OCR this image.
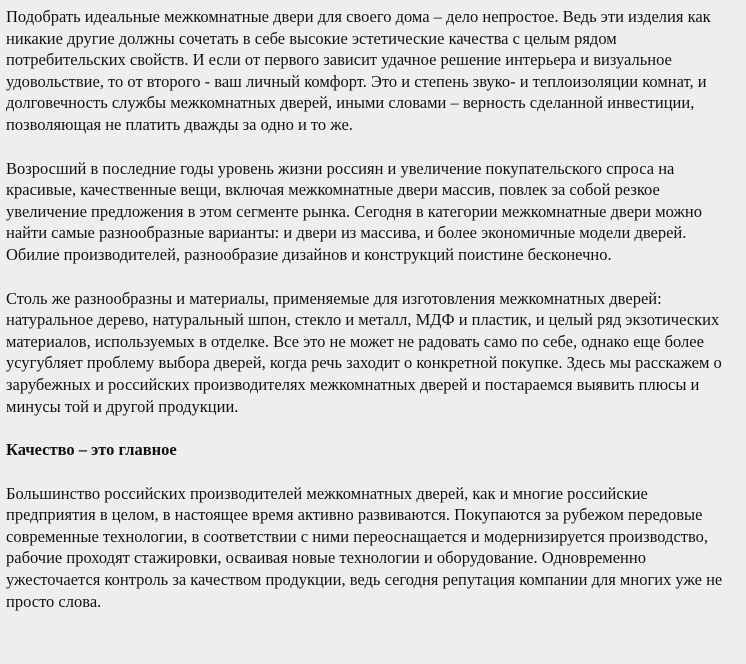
Подобрать идеальные межкомнатные двери для своего дома – дело непростое. Ведь эти изделия как никакие другие должны сочетать в себе высокие эстетические качества с целым рядом потребительских свойств. И если от первого зависит удачное решение интерьера и визуальное удовольствие, то от второго - ваш личный комфорт. Это и степень звуко- и теплоизоляции комнат, и долговечность службы межкомнатных дверей, иными словами – верность сделанной инвестиции, позволяющая не платить дважды за одно и то же.

Возросший в последние годы уровень жизни россиян и увеличение покупательского спроса на красивые, качественные вещи, включая межкомнатные двери массив, повлек за собой резкое увеличение предложения в этом сегменте рынка. Сегодня в категории межкомнатные двери можно найти самые разнообразные варианты: и двери из массива, и более экономичные модели дверей. Обилие производителей, разнообразие дизайнов и конструкций поистине бесконечно.

Столь же разнообразны и материалы, применяемые для изготовления межкомнатных дверей: натуральное дерево, натуральный шпон, стекло и металл, МДФ и пластик, и целый ряд экзотических материалов, используемых в отделке. Все это не может не радовать само по себе, однако еще более усугубляет проблему выбора дверей, когда речь заходит о конкретной покупке. Здесь мы расскажем о зарубежных и российских производителях межкомнатных дверей и постараемся выявить плюсы и минусы той и другой продукции.

Качество – это главное

Большинство российских производителей межкомнатных дверей, как и многие российские предприятия в целом, в настоящее время активно развиваются. Покупаются за рубежом передовые современные технологии, в соответствии с ними переоснащается и модернизируется производство, рабочие проходят стажировки, осваивая новые технологии и оборудование. Одновременно ужесточается контроль за качеством продукции, ведь сегодня репутация компании для многих уже не просто слова.
